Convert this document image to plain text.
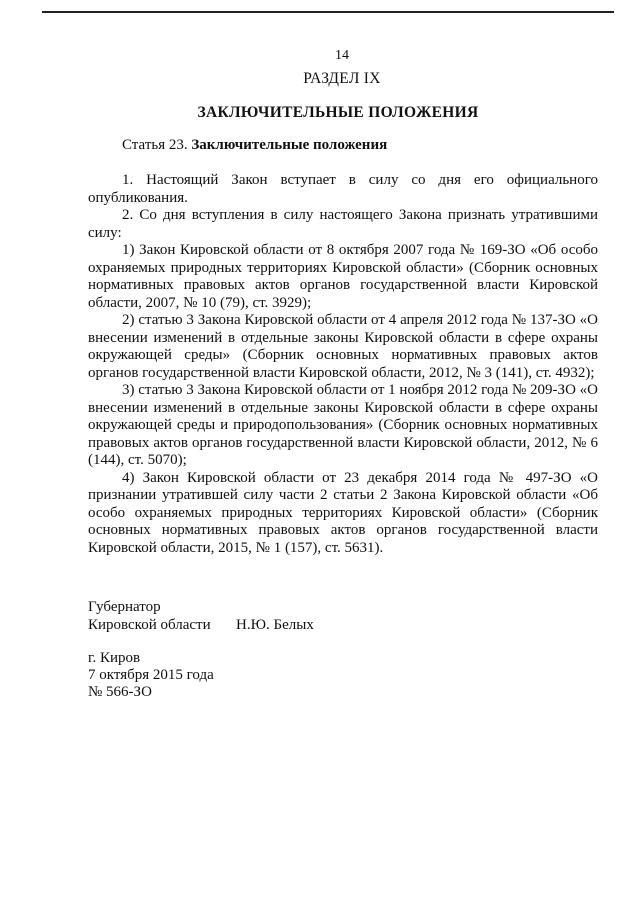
14
РАЗДЕЛ IX
ЗАКЛЮЧИТЕЛЬНЫЕ ПОЛОЖЕНИЯ
Статья 23. Заключительные положения

1. Настоящий Закон вступает в силу со дня его официального опубликования.

2. Со дня вступления в силу настоящего Закона признать утратившими силу:

1) Закон Кировской области от 8 октября 2007 года № 169-ЗО «Об особо охраняемых природных территориях Кировской области» (Сборник основных нормативных правовых актов органов государственной власти Кировской области, 2007, № 10 (79), ст. 3929);

2) статью 3 Закона Кировской области от 4 апреля 2012 года № 137-ЗО «О внесении изменений в отдельные законы Кировской области в сфере охраны окружающей среды» (Сборник основных нормативных правовых актов органов государственной власти Кировской области, 2012, № 3 (141), ст. 4932);

3) статью 3 Закона Кировской области от 1 ноября 2012 года № 209-ЗО «О внесении изменений в отдельные законы Кировской области в сфере охраны окружающей среды и природопользования» (Сборник основных нормативных правовых актов органов государственной власти Кировской области, 2012, № 6 (144), ст. 5070);

4) Закон Кировской области от 23 декабря 2014 года № 497-ЗО «О признании утратившей силу части 2 статьи 2 Закона Кировской области «Об особо охраняемых природных территориях Кировской области» (Сборник основных нормативных правовых актов органов государственной власти Кировской области, 2015, № 1 (157), ст. 5631).

Губернатор
Кировской области	Н.Ю. Белых
г. Киров
7 октября 2015 года
№ 566-ЗО
